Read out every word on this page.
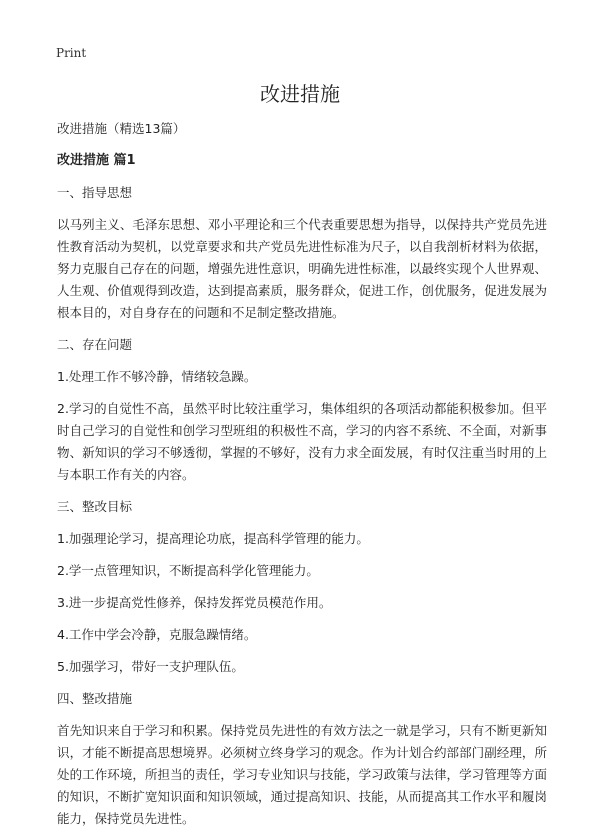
Print
改进措施

改进措施（精选13篇）

改进措施 篇1

一、指导思想

以马列主义、毛泽东思想、邓小平理论和三个代表重要思想为指导，以保持共产党员先进性教育活动为契机，以党章要求和共产党员先进性标准为尺子，以自我剖析材料为依据，努力克服自己存在的问题，增强先进性意识，明确先进性标准，以最终实现个人世界观、人生观、价值观得到改造，达到提高素质，服务群众，促进工作，创优服务，促进发展为根本目的，对自身存在的问题和不足制定整改措施。

二、存在问题

1.处理工作不够冷静，情绪较急躁。

2.学习的自觉性不高，虽然平时比较注重学习，集体组织的各项活动都能积极参加。但平时自己学习的自觉性和创学习型班组的积极性不高，学习的内容不系统、不全面，对新事物、新知识的学习不够透彻，掌握的不够好，没有力求全面发展，有时仅注重当时用的上与本职工作有关的内容。

三、整改目标

1.加强理论学习，提高理论功底，提高科学管理的能力。

2.学一点管理知识，不断提高科学化管理能力。

3.进一步提高党性修养，保持发挥党员模范作用。

4.工作中学会冷静，克服急躁情绪。

5.加强学习，带好一支护理队伍。

四、整改措施

首先知识来自于学习和积累。保持党员先进性的有效方法之一就是学习，只有不断更新知识，才能不断提高思想境界。必须树立终身学习的观念。作为计划合约部部门副经理，所处的工作环境，所担当的责任，学习专业知识与技能，学习政策与法律，学习管理等方面的知识，不断扩宽知识面和知识领域，通过提高知识、技能，从而提高其工作水平和履岗能力，保持党员先进性。
